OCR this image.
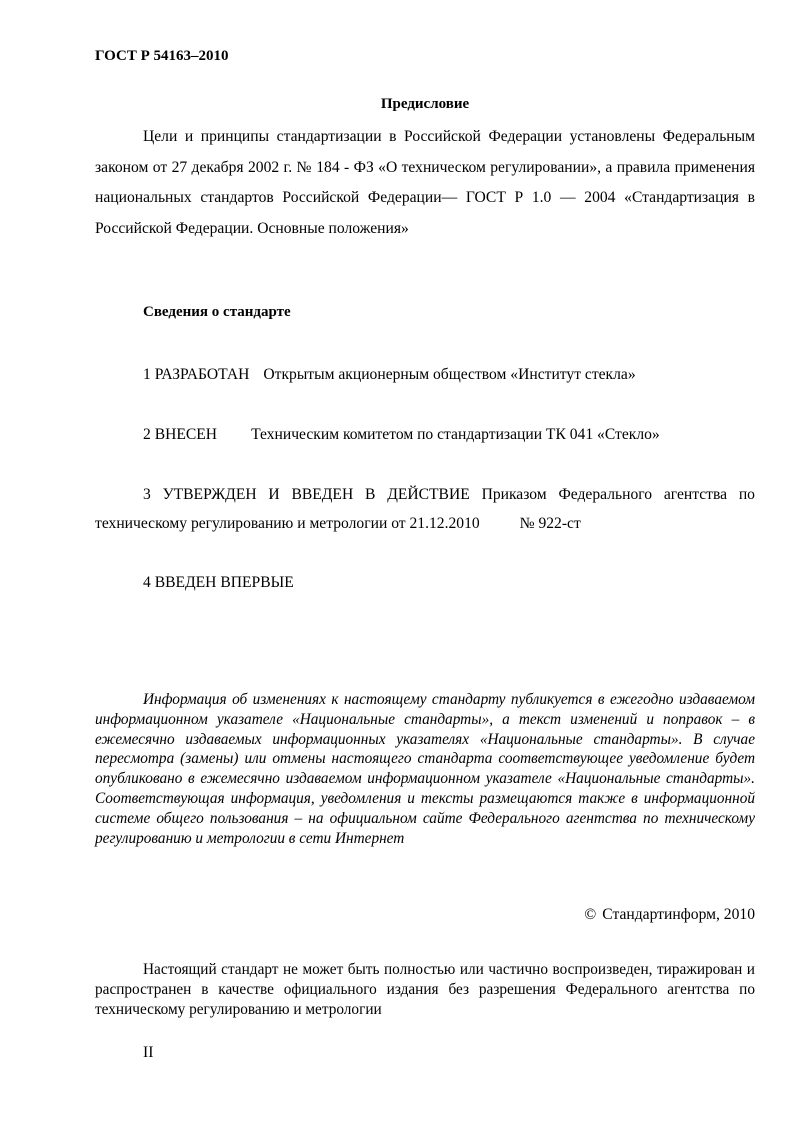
ГОСТ Р 54163–2010
Предисловие

Цели и принципы стандартизации в Российской Федерации установлены Федеральным законом от 27 декабря 2002 г. № 184 - ФЗ «О техническом регулировании», а правила применения национальных стандартов Российской Федерации— ГОСТ Р 1.0 — 2004 «Стандартизация в Российской Федерации. Основные положения»

Сведения о стандарте

1 РАЗРАБОТАН Открытым акционерным обществом «Институт стекла»

2 ВНЕСЕН Техническим комитетом по стандартизации ТК 041 «Стекло»

3 УТВЕРЖДЕН И ВВЕДЕН В ДЕЙСТВИЕ Приказом Федерального агентства по техническому регулированию и метрологии от 21.12.2010	№ 922-ст

4 ВВЕДЕН ВПЕРВЫЕ

Информация об изменениях к настоящему стандарту публикуется в ежегодно издаваемом информационном указателе «Национальные стандарты», а текст изменений и поправок – в ежемесячно издаваемых информационных указателях «Национальные стандарты». В случае пересмотра (замены) или отмены настоящего стандарта соответствующее уведомление будет опубликовано в ежемесячно издаваемом информационном указателе «Национальные стандарты». Соответствующая информация, уведомления и тексты размещаются также в информационной системе общего пользования – на официальном сайте Федерального агентства по техническому регулированию и метрологии в сети Интернет

© Стандартинформ, 2010

Настоящий стандарт не может быть полностью или частично воспроизведен, тиражирован и распространен в качестве официального издания без разрешения Федерального агентства по техническому регулированию и метрологии

II
